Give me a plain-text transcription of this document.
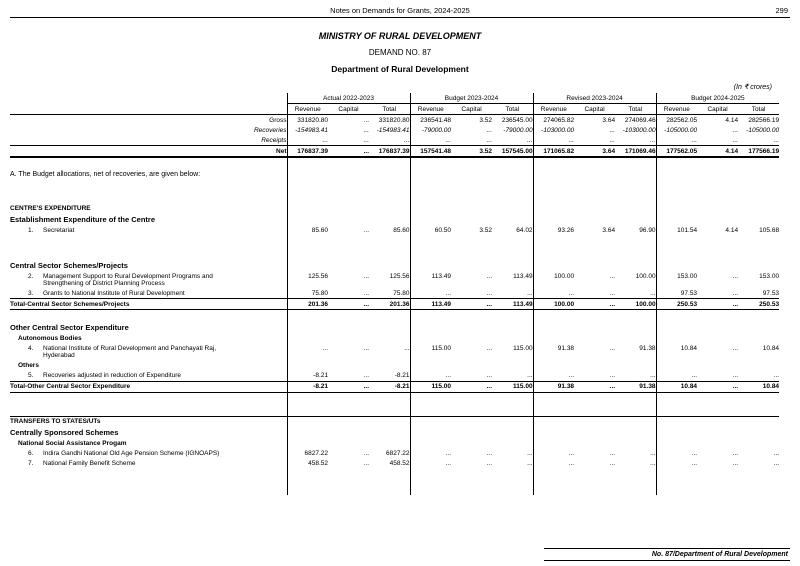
Notes on Demands for Grants, 2024-2025	299
MINISTRY OF RURAL DEVELOPMENT
DEMAND NO. 87
Department of Rural Development
(In ₹ crores)
	Actual 2022-2023			Budget 2023-2024			Revised 2023-2024			Budget 2024-2025		
	Revenue	Capital	Total	Revenue	Capital	Total	Revenue	Capital	Total	Revenue	Capital	Total
Gross	331820.80	...	331820.80	236541.48	3.52	236545.00	274065.82	3.64	274069.46	282562.05	4.14	282566.19
Recoveries	-154983.41	...	-154983.41	-79000.00	...	-79000.00	-103000.00	...	-103000.00	-105000.00	...	-105000.00
Receipts	...	...	...	...	...	...	...	...	...	...	...	...
Net	176837.39	...	176837.39	157541.48	3.52	157545.00	171065.82	3.64	171069.46	177562.05	4.14	177566.19

A. The Budget allocations, net of recoveries, are given below:												

CENTRE'S EXPENDITURE												
Establishment Expenditure of the Centre												
1. Secretariat	85.60	...	85.60	60.50	3.52	64.02	93.26	3.64	96.90	101.54	4.14	105.68

Central Sector Schemes/Projects												
2. Management Support to Rural Development Programs and Strengthening of District Planning Process	125.56	...	125.56	113.49	...	113.49	100.00	...	100.00	153.00	...	153.00
3. Grants to National Institute of Rural Development	75.80	...	75.80	...	...	...	...	...	...	97.53	...	97.53
Total-Central Sector Schemes/Projects	201.36	...	201.36	113.49	...	113.49	100.00	...	100.00	250.53	...	250.53

Other Central Sector Expenditure												
Autonomous Bodies												
4. National Institute of Rural Development and Panchayati Raj, Hyderabad	...	...	...	115.00	...	115.00	91.38	...	91.38	10.84	...	10.84
Others												
5. Recoveries adjusted in reduction of Expenditure	-8.21	...	-8.21	...	...	...	...	...	...	...	...	...
Total-Other Central Sector Expenditure	-8.21	...	-8.21	115.00	...	115.00	91.38	...	91.38	10.84	...	10.84

TRANSFERS TO STATES/UTs												
Centrally Sponsored Schemes												
National Social Assistance Progam												
6. Indira Gandhi National Old Age Pension Scheme (IGNOAPS)	6827.22	...	6827.22	...	...	...	...	...	...	...	...	...
7. National Family Benefit Scheme	458.52	...	458.52	...	...	...	...	...	...	...	...	...

No. 87/Department of Rural Development
